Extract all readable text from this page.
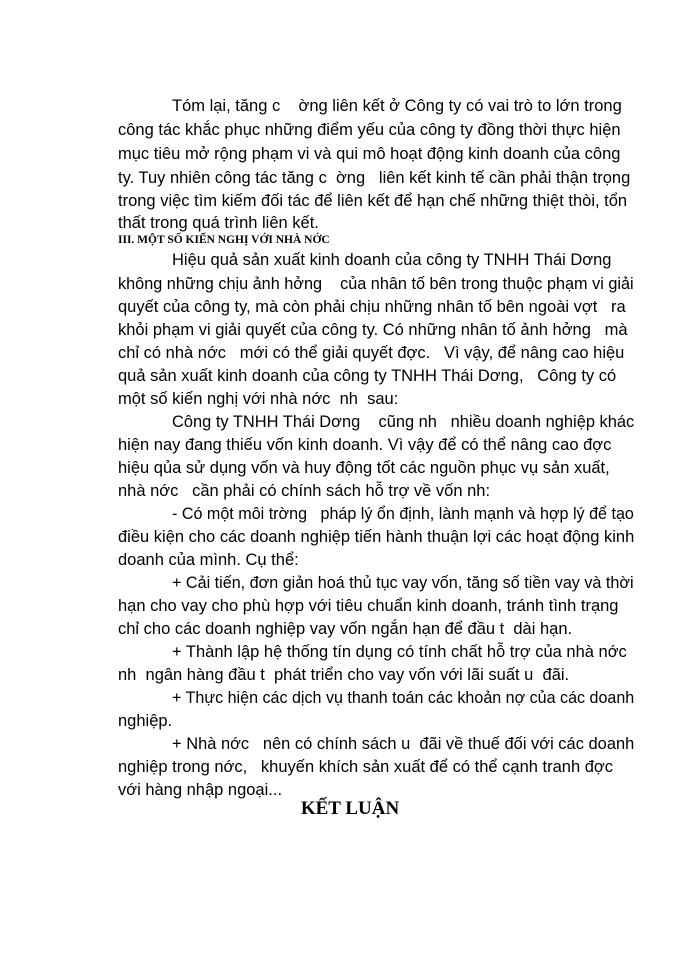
Tóm lại, tăng c    ờng liên kết ở Công ty có vai trò to lớn trong
công tác khắc phục những điểm yếu của công ty đồng thời thực hiện
mục tiêu mở rộng phạm vi và qui mô hoạt động kinh doanh của công
ty. Tuy nhiên công tác tăng c  ờng   liên kết kinh tế cần phải thận trọng
trong việc tìm kiếm đối tác để liên kết để hạn chế những thiệt thòi, tổn
thất trong quá trình liên kết.
III. MỘT SỐ KIẾN NGHỊ VỚI NHÀ NỚC
Hiệu quả sản xuất kinh doanh của công ty TNHH Thái Dơng
không những chịu ảnh hởng    của nhân tố bên trong thuộc phạm vi giải
quyết của công ty, mà còn phải chịu những nhân tố bên ngoài vợt   ra
khỏi phạm vi giải quyết của công ty. Có những nhân tố ảnh hởng   mà
chỉ có nhà nớc   mới có thể giải quyết đợc.   Vì vậy, để nâng cao hiệu
quả sản xuất kinh doanh của công ty TNHH Thái Dơng,   Công ty có
một số kiến nghị với nhà nớc  nh  sau:
Công ty TNHH Thái Dơng    cũng nh   nhiều doanh nghiệp khác
hiện nay đang thiếu vốn kinh doanh. Vì vậy để có thể nâng cao đợc
hiệu qủa sử dụng vốn và huy động tốt các nguồn phục vụ sản xuất,
nhà nớc   cần phải có chính sách hỗ trợ về vốn nh:
- Có một môi trờng   pháp lý ổn định, lành mạnh và hợp lý để tạo
điều kiện cho các doanh nghiệp tiến hành thuận lợi các hoạt động kinh
doanh của mình. Cụ thể:
+ Cải tiến, đơn giản hoá thủ tục vay vốn, tăng số tiền vay và thời
hạn cho vay cho phù hợp với tiêu chuẩn kinh doanh, tránh tình trạng
chỉ cho các doanh nghiệp vay vốn ngắn hạn để đầu t  dài hạn.
+ Thành lập hệ thống tín dụng có tính chất hỗ trợ của nhà nớc
nh  ngân hàng đầu t  phát triển cho vay vốn với lãi suất u  đãi.
+ Thực hiện các dịch vụ thanh toán các khoản nợ của các doanh
nghiệp.
+ Nhà nớc   nên có chính sách u  đãi về thuế đối với các doanh
nghiệp trong nớc,   khuyến khích sản xuất để có thể cạnh tranh đợc
với hàng nhập ngoại...
KẾT LUẬN
